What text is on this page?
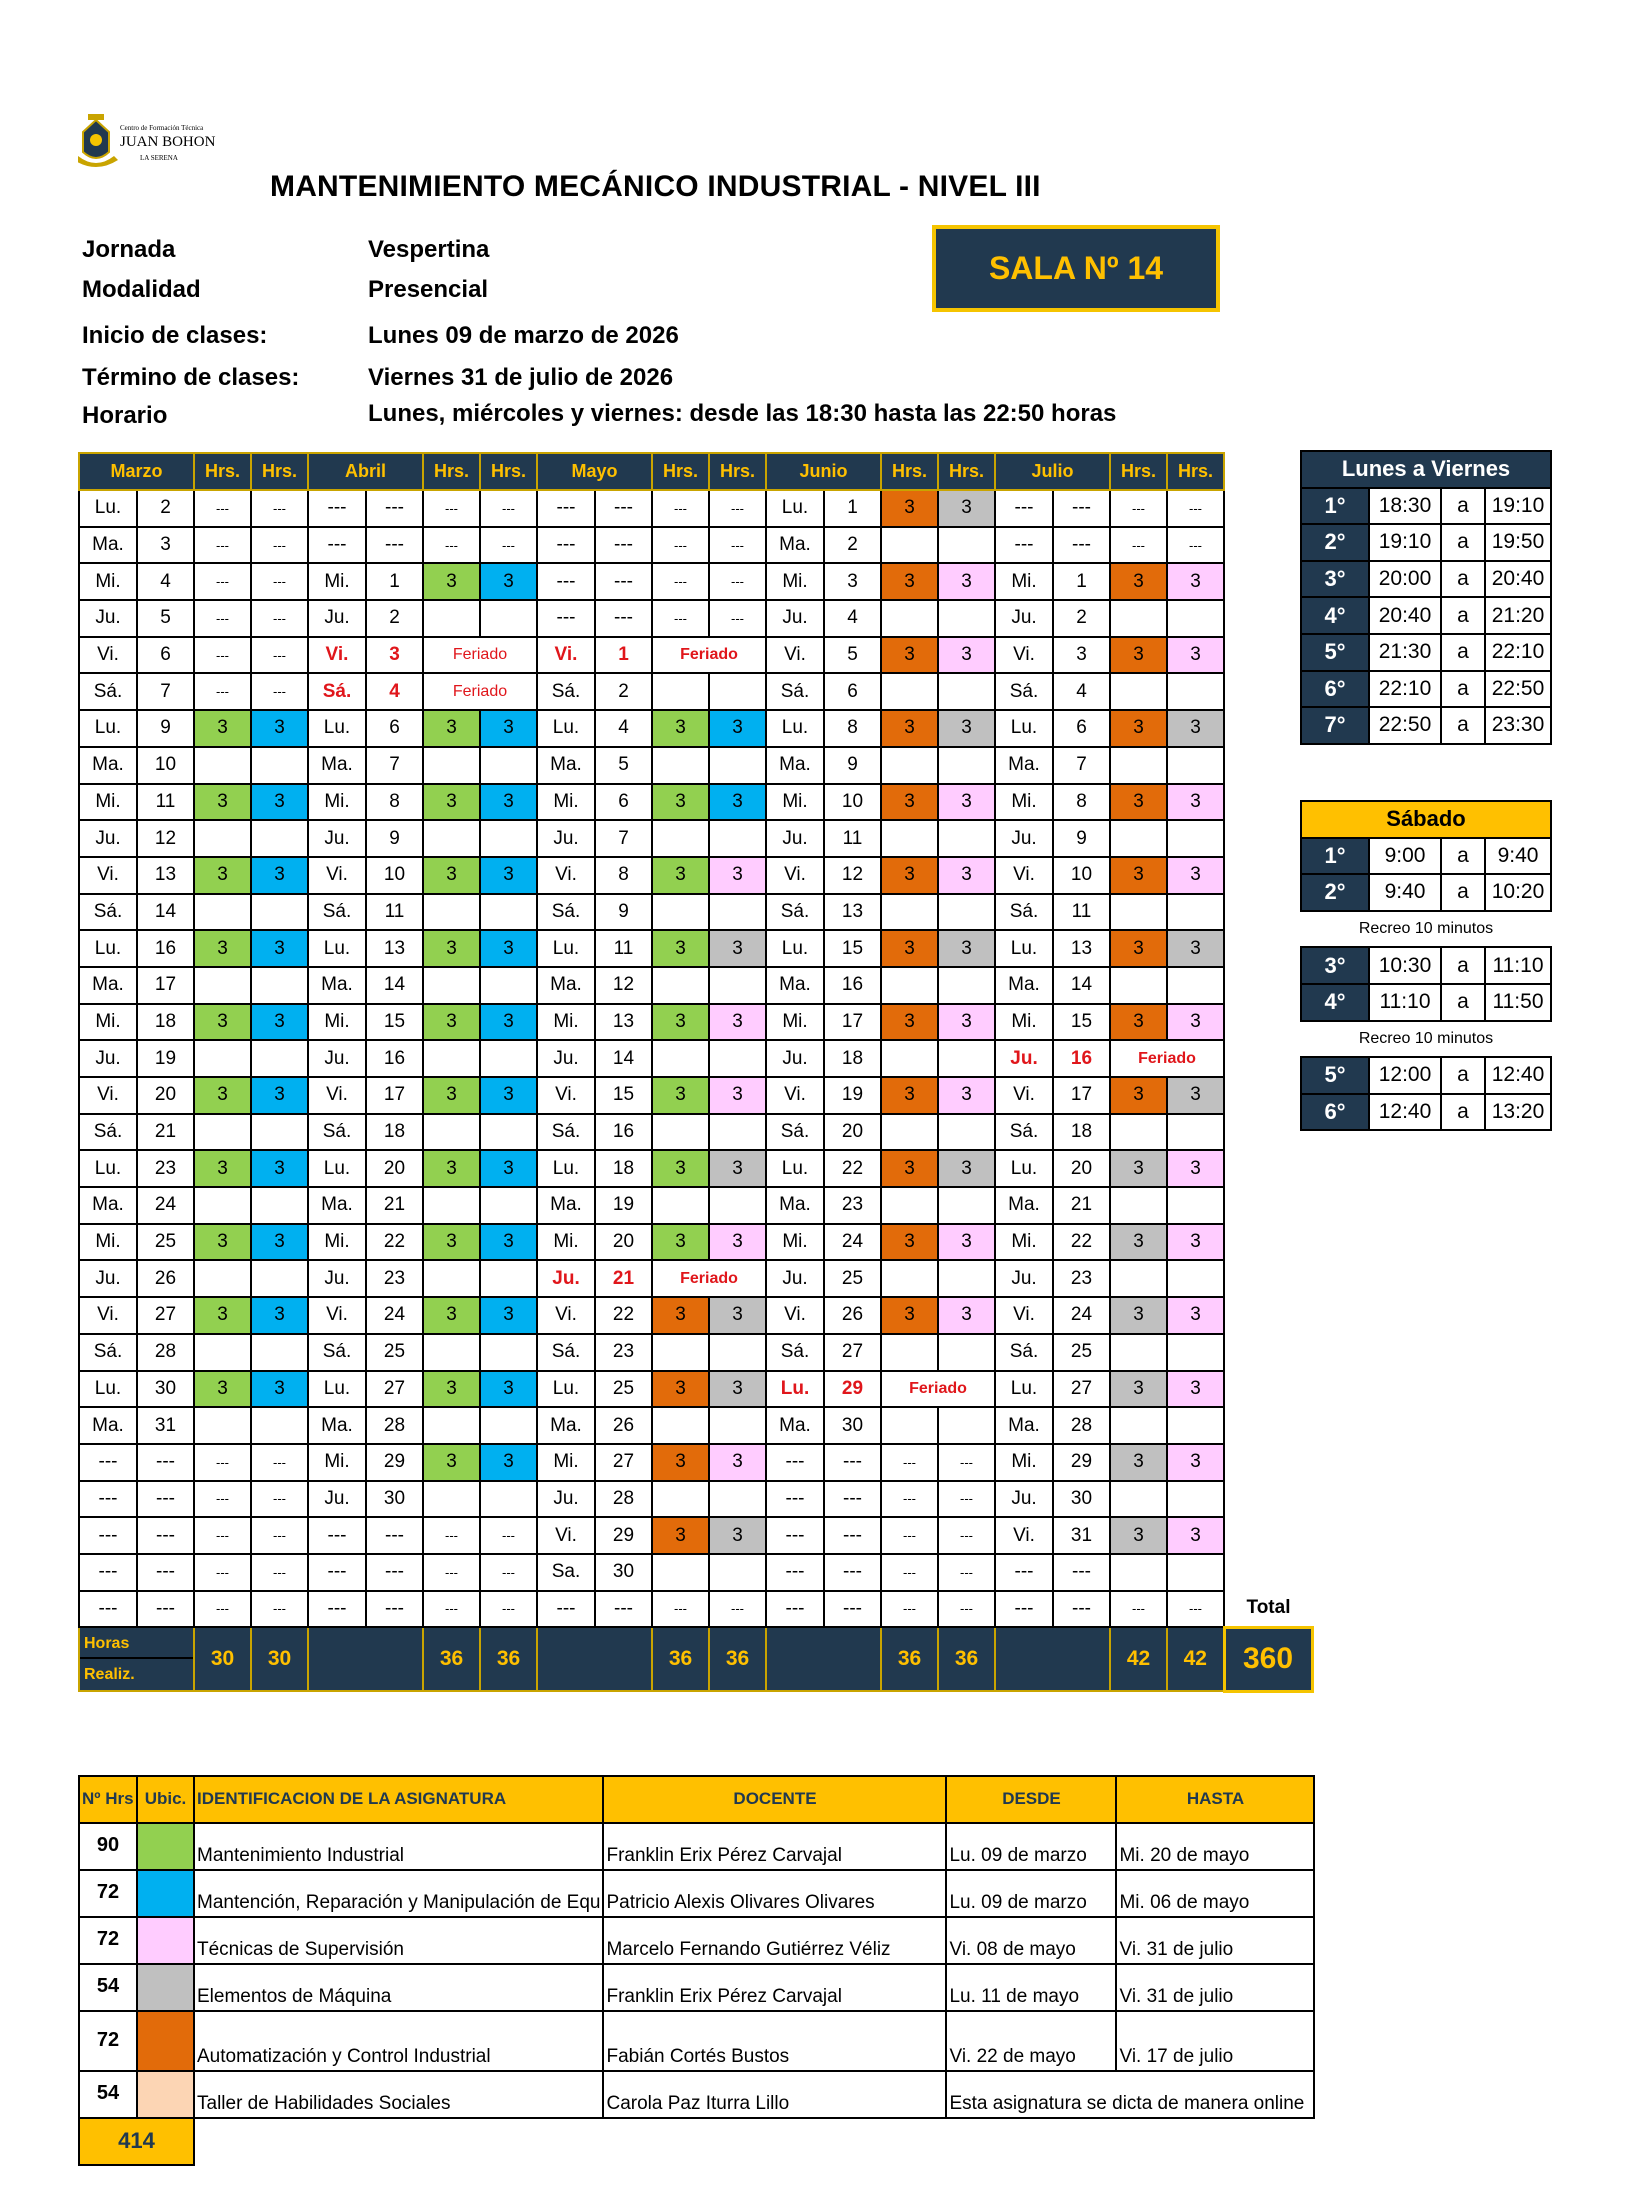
Centro de Formación Técnica
JUAN BOHON
LA SERENA
MANTENIMIENTO MECÁNICO INDUSTRIAL - NIVEL III
Jornada	Vespertina
Modalidad	Presencial
Inicio de clases:	Lunes 09 de marzo de 2026
Término de clases:	Viernes 31 de julio de 2026
Horario	Lunes, miércoles y viernes: desde las 18:30 hasta las 22:50 horas
SALA Nº 14
Marzo		Hrs.	Hrs.	Abril		Hrs.	Hrs.	Mayo		Hrs.	Hrs.	Junio		Hrs.	Hrs.	Julio		Hrs.	Hrs.	
Lu.	2	---	---	---	---	---	---	---	---	---	---	Lu.	1	3	3	---	---	---	---	
Ma.	3	---	---	---	---	---	---	---	---	---	---	Ma.	2			---	---	---	---	
Mi.	4	---	---	Mi.	1	3	3	---	---	---	---	Mi.	3	3	3	Mi.	1	3	3	
Ju.	5	---	---	Ju.	2			---	---	---	---	Ju.	4			Ju.	2			
Vi.	6	---	---	Vi.	3	Feriado		Vi.	1	Feriado		Vi.	5	3	3	Vi.	3	3	3	
Sá.	7	---	---	Sá.	4	Feriado		Sá.	2			Sá.	6			Sá.	4			
Lu.	9	3	3	Lu.	6	3	3	Lu.	4	3	3	Lu.	8	3	3	Lu.	6	3	3	
Ma.	10			Ma.	7			Ma.	5			Ma.	9			Ma.	7			
Mi.	11	3	3	Mi.	8	3	3	Mi.	6	3	3	Mi.	10	3	3	Mi.	8	3	3	
Ju.	12			Ju.	9			Ju.	7			Ju.	11			Ju.	9			
Vi.	13	3	3	Vi.	10	3	3	Vi.	8	3	3	Vi.	12	3	3	Vi.	10	3	3	
Sá.	14			Sá.	11			Sá.	9			Sá.	13			Sá.	11			
Lu.	16	3	3	Lu.	13	3	3	Lu.	11	3	3	Lu.	15	3	3	Lu.	13	3	3	
Ma.	17			Ma.	14			Ma.	12			Ma.	16			Ma.	14			
Mi.	18	3	3	Mi.	15	3	3	Mi.	13	3	3	Mi.	17	3	3	Mi.	15	3	3	
Ju.	19			Ju.	16			Ju.	14			Ju.	18			Ju.	16	Feriado		
Vi.	20	3	3	Vi.	17	3	3	Vi.	15	3	3	Vi.	19	3	3	Vi.	17	3	3	
Sá.	21			Sá.	18			Sá.	16			Sá.	20			Sá.	18			
Lu.	23	3	3	Lu.	20	3	3	Lu.	18	3	3	Lu.	22	3	3	Lu.	20	3	3	
Ma.	24			Ma.	21			Ma.	19			Ma.	23			Ma.	21			
Mi.	25	3	3	Mi.	22	3	3	Mi.	20	3	3	Mi.	24	3	3	Mi.	22	3	3	
Ju.	26			Ju.	23			Ju.	21	Feriado		Ju.	25			Ju.	23			
Vi.	27	3	3	Vi.	24	3	3	Vi.	22	3	3	Vi.	26	3	3	Vi.	24	3	3	
Sá.	28			Sá.	25			Sá.	23			Sá.	27			Sá.	25			
Lu.	30	3	3	Lu.	27	3	3	Lu.	25	3	3	Lu.	29	Feriado		Lu.	27	3	3	
Ma.	31			Ma.	28			Ma.	26			Ma.	30			Ma.	28			
---	---	---	---	Mi.	29	3	3	Mi.	27	3	3	---	---	---	---	Mi.	29	3	3	
---	---	---	---	Ju.	30			Ju.	28			---	---	---	---	Ju.	30			
---	---	---	---	---	---	---	---	Vi.	29	3	3	---	---	---	---	Vi.	31	3	3	
---	---	---	---	---	---	---	---	Sa.	30			---	---	---	---	---	---			
---	---	---	---	---	---	---	---	---	---	---	---	---	---	---	---	---	---	---	---	Total

Horas
Realiz.		30	30			36	36			36	36			36	36			42	42	360
Lunes a Viernes			
1°	18:30	a	19:10
2°	19:10	a	19:50
3°	20:00	a	20:40
4°	20:40	a	21:20
5°	21:30	a	22:10
6°	22:10	a	22:50
7°	22:50	a	23:30
Sábado			
1°	9:00	a	9:40
2°	9:40	a	10:20
Recreo 10 minutos			
3°	10:30	a	11:10
4°	11:10	a	11:50
Recreo 10 minutos			
5°	12:00	a	12:40
6°	12:40	a	13:20
Nº Hrs	Ubic.	IDENTIFICACION DE LA ASIGNATURA	DOCENTE	DESDE	HASTA
90		Mantenimiento Industrial	Franklin Erix Pérez Carvajal	Lu. 09 de marzo	Mi. 20 de mayo
72		Mantención, Reparación y Manipulación de Equ	Patricio Alexis Olivares Olivares	Lu. 09 de marzo	Mi. 06 de mayo
72		Técnicas de Supervisión	Marcelo Fernando Gutiérrez Véliz	Vi. 08 de mayo	Vi. 31 de julio
54		Elementos de Máquina	Franklin Erix Pérez Carvajal	Lu. 11 de mayo	Vi. 31 de julio
72		Automatización y Control Industrial	Fabián Cortés Bustos	Vi. 22 de mayo	Vi. 17 de julio
54		Taller de Habilidades Sociales	Carola Paz Iturra Lillo	Esta asignatura se dicta de manera online	
414					
